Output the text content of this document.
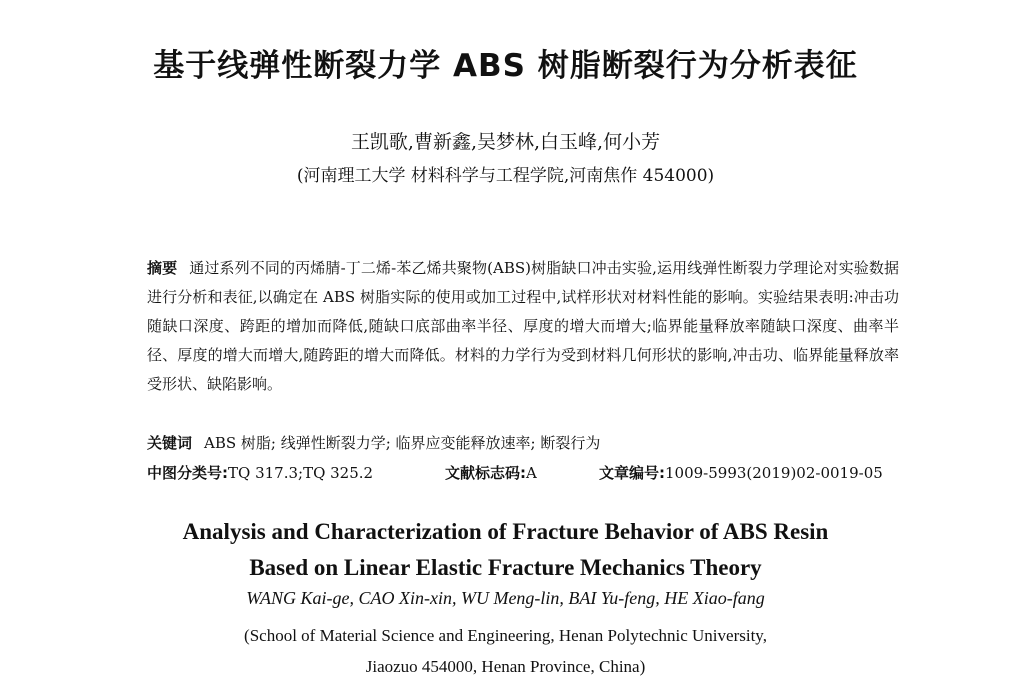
基于线弹性断裂力学 ABS 树脂断裂行为分析表征
王凯歌,曹新鑫,吴梦林,白玉峰,何小芳
(河南理工大学 材料科学与工程学院,河南焦作 454000)
摘要 通过系列不同的丙烯腈-丁二烯-苯乙烯共聚物(ABS)树脂缺口冲击实验,运用线弹性断裂力学理论对实验数据进行分析和表征,以确定在 ABS 树脂实际的使用或加工过程中,试样形状对材料性能的影响。实验结果表明:冲击功随缺口深度、跨距的增加而降低,随缺口底部曲率半径、厚度的增大而增大;临界能量释放率随缺口深度、曲率半径、厚度的增大而增大,随跨距的增大而降低。材料的力学行为受到材料几何形状的影响,冲击功、临界能量释放率受形状、缺陷影响。
关键词 ABS 树脂; 线弹性断裂力学; 临界应变能释放速率; 断裂行为
中图分类号:TQ 317.3;TQ 325.2	文献标志码:A	文章编号:1009-5993(2019)02-0019-05
Analysis and Characterization of Fracture Behavior of ABS Resin
Based on Linear Elastic Fracture Mechanics Theory
WANG Kai-ge, CAO Xin-xin, WU Meng-lin, BAI Yu-feng, HE Xiao-fang
(School of Material Science and Engineering, Henan Polytechnic University,
Jiaozuo 454000, Henan Province, China)
